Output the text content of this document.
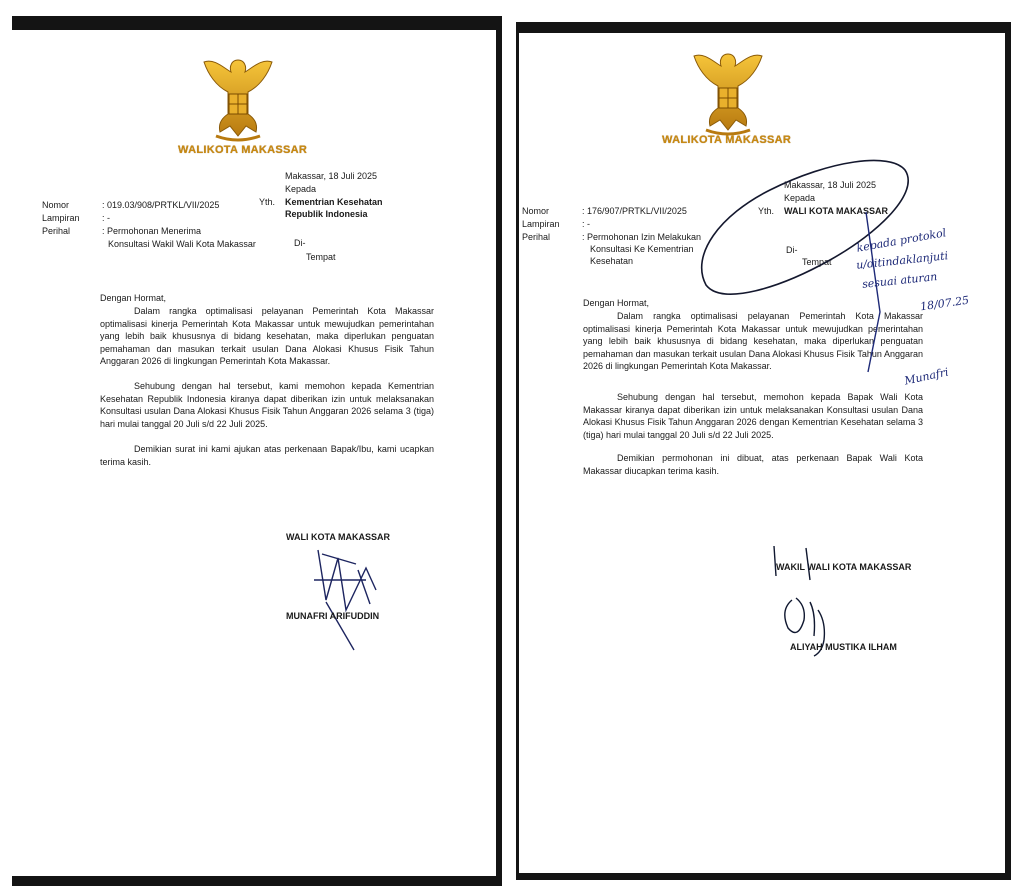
WALIKOTA MAKASSAR
Makassar, 18 Juli 2025
Kepada
Yth. Kementrian Kesehatan
Republik Indonesia
Di-
Tempat
Nomor	: 019.03/908/PRTKL/VII/2025
Lampiran : -
Perihal	: Permohonan Menerima
Konsultasi Wakil Wali Kota Makassar
Dengan Hormat,
Dalam rangka optimalisasi pelayanan Pemerintah Kota Makassar optimalisasi kinerja Pemerintah Kota Makassar untuk mewujudkan pemerintahan yang lebih baik khususnya di bidang kesehatan, maka diperlukan penguatan pemahaman dan masukan terkait usulan Dana Alokasi Khusus Fisik Tahun Anggaran 2026 di lingkungan Pemerintah Kota Makassar.
Sehubung dengan hal tersebut, kami memohon kepada Kementrian Kesehatan Republik Indonesia kiranya dapat diberikan izin untuk melaksanakan Konsultasi usulan Dana Alokasi Khusus Fisik Tahun Anggaran 2026 selama 3 (tiga) hari mulai tanggal 20 Juli s/d 22 Juli 2025.
Demikian surat ini kami ajukan atas perkenaan Bapak/Ibu, kami ucapkan terima kasih.
WALI KOTA MAKASSAR
MUNAFRI ARIFUDDIN
WALIKOTA MAKASSAR
Makassar, 18 Juli 2025
Kepada
Yth. WALI KOTA MAKASSAR
Di-
Tempat
Nomor	: 176/907/PRTKL/VII/2025
Lampiran : -
Perihal	: Permohonan Izin Melakukan
Konsultasi Ke Kementrian
Kesehatan
Dengan Hormat,
Dalam rangka optimalisasi pelayanan Pemerintah Kota Makassar optimalisasi kinerja Pemerintah Kota Makassar untuk mewujudkan pemerintahan yang lebih baik khususnya di bidang kesehatan, maka diperlukan penguatan pemahaman dan masukan terkait usulan Dana Alokasi Khusus Fisik Tahun Anggaran 2026 di lingkungan Pemerintah Kota Makassar.
Sehubung dengan hal tersebut, memohon kepada Bapak Wali Kota Makassar kiranya dapat diberikan izin untuk melaksanakan Konsultasi usulan Dana Alokasi Khusus Fisik Tahun Anggaran 2026 dengan Kementrian Kesehatan selama 3 (tiga) hari mulai tanggal 20 Juli s/d 22 Juli 2025.
Demikian permohonan ini dibuat, atas perkenaan Bapak Wali Kota Makassar diucapkan terima kasih.
WAKIL WALI KOTA MAKASSAR
ALIYAH MUSTIKA ILHAM
kepada protokol
u/ditindaklanjuti
sesuai aturan
18/07.25
Munafri
